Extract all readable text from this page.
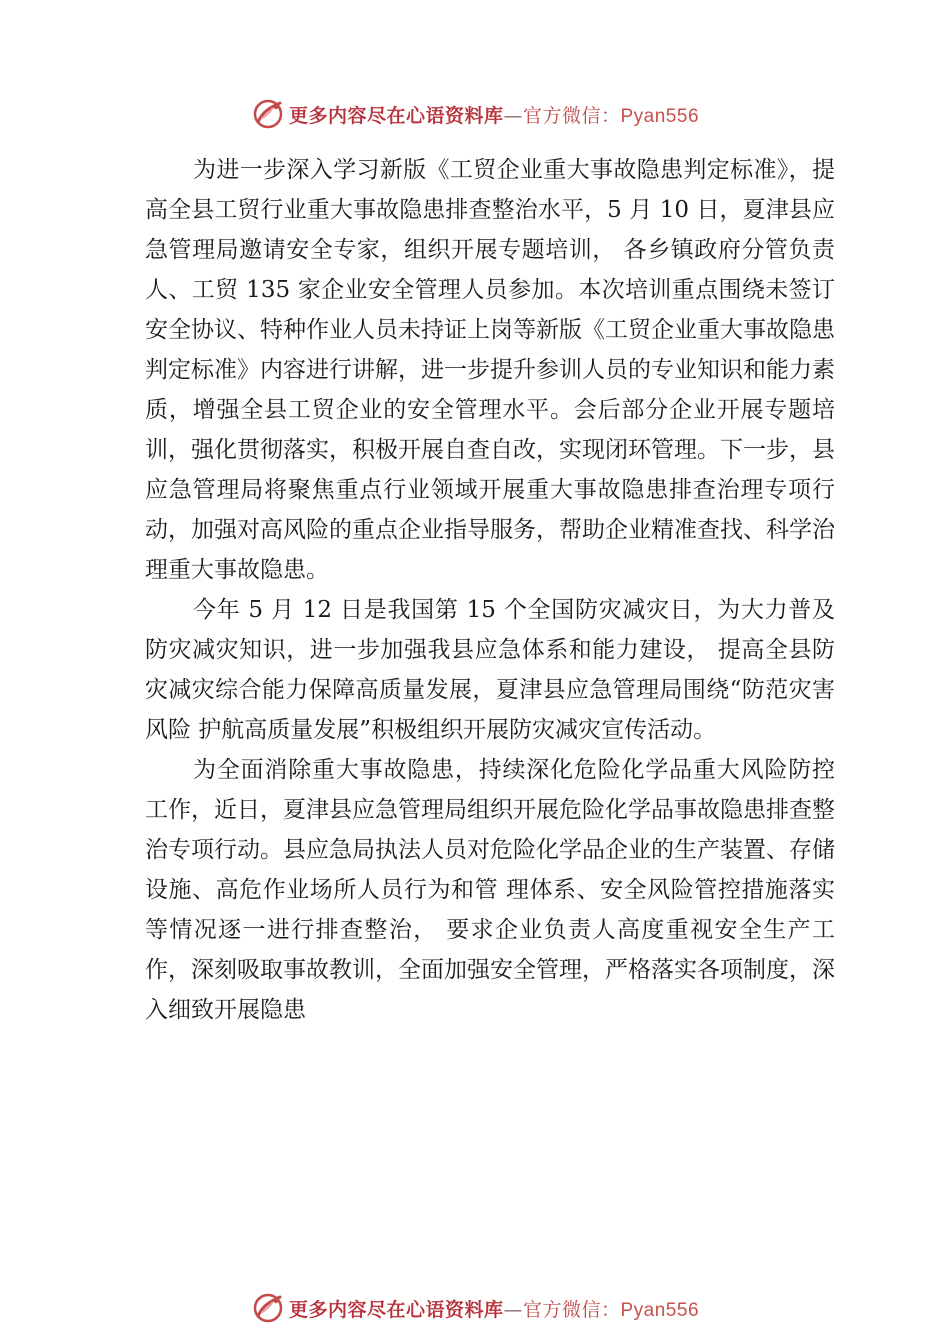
更多内容尽在心语资料库—官方微信：Pyan556

为进一步深入学习新版《工贸企业重大事故隐患判定标准》，提高全县工贸行业重大事故隐患排查整治水平，5 月 10 日，夏津县应急管理局邀请安全专家，组织开展专题培训， 各乡镇政府分管负责人、工贸 135 家企业安全管理人员参加。本次培训重点围绕未签订安全协议、特种作业人员未持证上岗等新版《工贸企业重大事故隐患判定标准》内容进行讲解，进一步提升参训人员的专业知识和能力素质，增强全县工贸企业的安全管理水平。会后部分企业开展专题培训，强化贯彻落实，积极开展自查自改，实现闭环管理。下一步，县应急管理局将聚焦重点行业领域开展重大事故隐患排查治理专项行动，加强对高风险的重点企业指导服务，帮助企业精准查找、科学治理重大事故隐患。

今年 5 月 12 日是我国第 15 个全国防灾减灾日，为大力普及防灾减灾知识，进一步加强我县应急体系和能力建设， 提高全县防灾减灾综合能力保障高质量发展，夏津县应急管理局围绕“防范灾害风险 护航高质量发展”积极组织开展防灾减灾宣传活动。

为全面消除重大事故隐患，持续深化危险化学品重大风险防控工作，近日，夏津县应急管理局组织开展危险化学品事故隐患排查整治专项行动。县应急局执法人员对危险化学品企业的生产装置、存储设施、高危作业场所人员行为和管 理体系、安全风险管控措施落实等情况逐一进行排查整治， 要求企业负责人高度重视安全生产工作，深刻吸取事故教训，全面加强安全管理，严格落实各项制度，深入细致开展隐患

更多内容尽在心语资料库—官方微信：Pyan556
